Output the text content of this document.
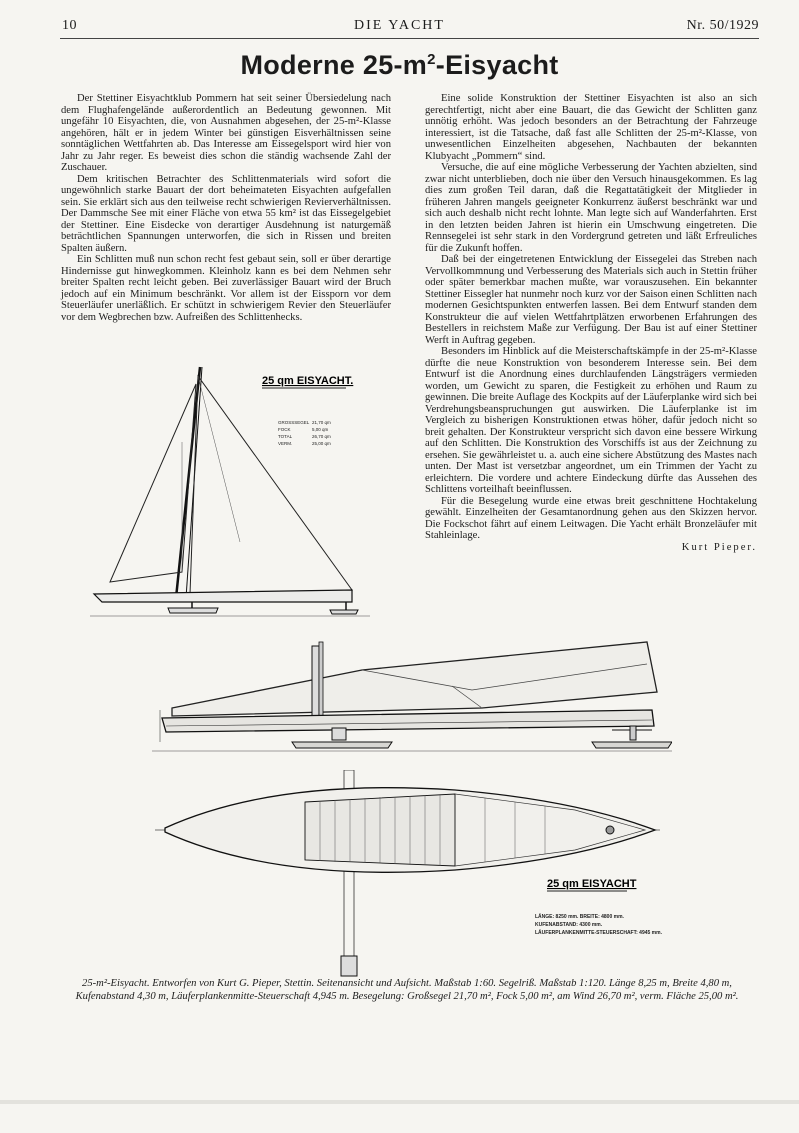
10	DIE YACHT	Nr. 50/1929
Moderne $25-m^2$-Eisyacht

Der Stettiner Eisyachtklub Pommern hat seit seiner Übersiedelung nach dem Flughafengelände außerordentlich an Bedeutung gewonnen. Mit ungefähr 10 Eisyachten, die, von Ausnahmen abgesehen, der 25-m²-Klasse angehören, hält er in jedem Winter bei günstigen Eisverhältnissen seine sonntäglichen Wettfahrten ab. Das Interesse am Eissegelsport wird hier von Jahr zu Jahr reger. Es beweist dies schon die ständig wachsende Zahl der Zuschauer.

Dem kritischen Betrachter des Schlittenmaterials wird sofort die ungewöhnlich starke Bauart der dort beheimateten Eisyachten aufgefallen sein. Sie erklärt sich aus den teilweise recht schwierigen Revierverhältnissen. Der Dammsche See mit einer Fläche von etwa 55 km² ist das Eissegelgebiet der Stettiner. Eine Eisdecke von derartiger Ausdehnung ist naturgemäß beträchtlichen Spannungen unterworfen, die sich in Rissen und breiten Spalten äußern.

Ein Schlitten muß nun schon recht fest gebaut sein, soll er über derartige Hindernisse gut hinwegkommen. Kleinholz kann es bei dem Nehmen sehr breiter Spalten recht leicht geben. Bei zuverlässiger Bauart wird der Bruch jedoch auf ein Minimum beschränkt. Vor allem ist der Eissporn vor dem Steuerläufer unerläßlich. Er schützt in schwierigem Revier den Steuerläufer vor dem Wegbrechen bzw. Aufreißen des Schlittenhecks.

Eine solide Konstruktion der Stettiner Eisyachten ist also an sich gerechtfertigt, nicht aber eine Bauart, die das Gewicht der Schlitten ganz unnötig erhöht. Was jedoch besonders an der Betrachtung der Fahrzeuge interessiert, ist die Tatsache, daß fast alle Schlitten der 25-m²-Klasse, von unwesentlichen Einzelheiten abgesehen, Nachbauten der bekannten Klubyacht „Pommern“ sind.

Versuche, die auf eine mögliche Verbesserung der Yachten abzielten, sind zwar nicht unterblieben, doch nie über den Versuch hinausgekommen. Es lag dies zum großen Teil daran, daß die Regattatätigkeit der Mitglieder in früheren Jahren mangels geeigneter Konkurrenz äußerst beschränkt war und sich auch deshalb nicht recht lohnte. Man legte sich auf Wanderfahrten. Erst in den letzten beiden Jahren ist hierin ein Umschwung eingetreten. Die Rennsegelei ist sehr stark in den Vordergrund getreten und läßt Erfreuliches für die Zukunft hoffen.

Daß bei der eingetretenen Entwicklung der Eissegelei das Streben nach Vervollkommnung und Verbesserung des Materials sich auch in Stettin früher oder später bemerkbar machen mußte, war vorauszusehen. Ein bekannter Stettiner Eissegler hat nunmehr noch kurz vor der Saison einen Schlitten nach modernen Gesichtspunkten entwerfen lassen. Bei dem Entwurf standen dem Konstrukteur die auf vielen Wettfahrtplätzen erworbenen Erfahrungen des Bestellers in reichstem Maße zur Verfügung. Der Bau ist auf einer Stettiner Werft in Auftrag gegeben.

Besonders im Hinblick auf die Meisterschaftskämpfe in der 25-m²-Klasse dürfte die neue Konstruktion von besonderem Interesse sein. Bei dem Entwurf ist die Anordnung eines durchlaufenden Längsträgers vermieden worden, um Gewicht zu sparen, die Festigkeit zu erhöhen und Raum zu gewinnen. Die breite Auflage des Kockpits auf der Läuferplanke wird sich bei Verdrehungsbeanspruchungen gut auswirken. Die Läuferplanke ist im Vergleich zu bisherigen Konstruktionen etwas höher, dafür jedoch nicht so breit gehalten. Der Konstrukteur verspricht sich davon eine bessere Wirkung auf den Schlitten. Die Konstruktion des Vorschiffs ist aus der Zeichnung zu ersehen. Sie gewährleistet u. a. auch eine sichere Abstützung des Mastes nach unten. Der Mast ist versetzbar angeordnet, um ein Trimmen der Yacht zu erleichtern. Die vordere und achtere Eindeckung dürfte das Aussehen des Schlittens vorteilhaft beeinflussen.

Für die Besegelung wurde eine etwas breit geschnittene Hochtakelung gewählt. Einzelheiten der Gesamtanordnung gehen aus den Skizzen hervor. Die Fockschot fährt auf einem Leitwagen. Die Yacht erhält Bronzeläufer mit Stahleinlage.

Kurt Pieper.
25 qm EISYACHT.
GROSSSEGEL 21,70 qm
FOCK	5,00 qm
TOTAL	26,70 qm
VERM.	25,00 qm
25 qm EISYACHT
LÄNGE: 8250 mm. BREITE: 4800 mm.
KUFENABSTAND: 4300 mm.
LÄUFERPLANKENMITTE-STEUERSCHAFT: 4945 mm.
25-m²-Eisyacht. Entworfen von Kurt G. Pieper, Stettin. Seitenansicht und Aufsicht. Maßstab 1:60. Segelriß. Maßstab 1:120. Länge 8,25 m, Breite 4,80 m, Kufenabstand 4,30 m, Läuferplankenmitte-Steuerschaft 4,945 m. Besegelung: Großsegel 21,70 m², Fock 5,00 m², am Wind 26,70 m², verm. Fläche 25,00 m².
